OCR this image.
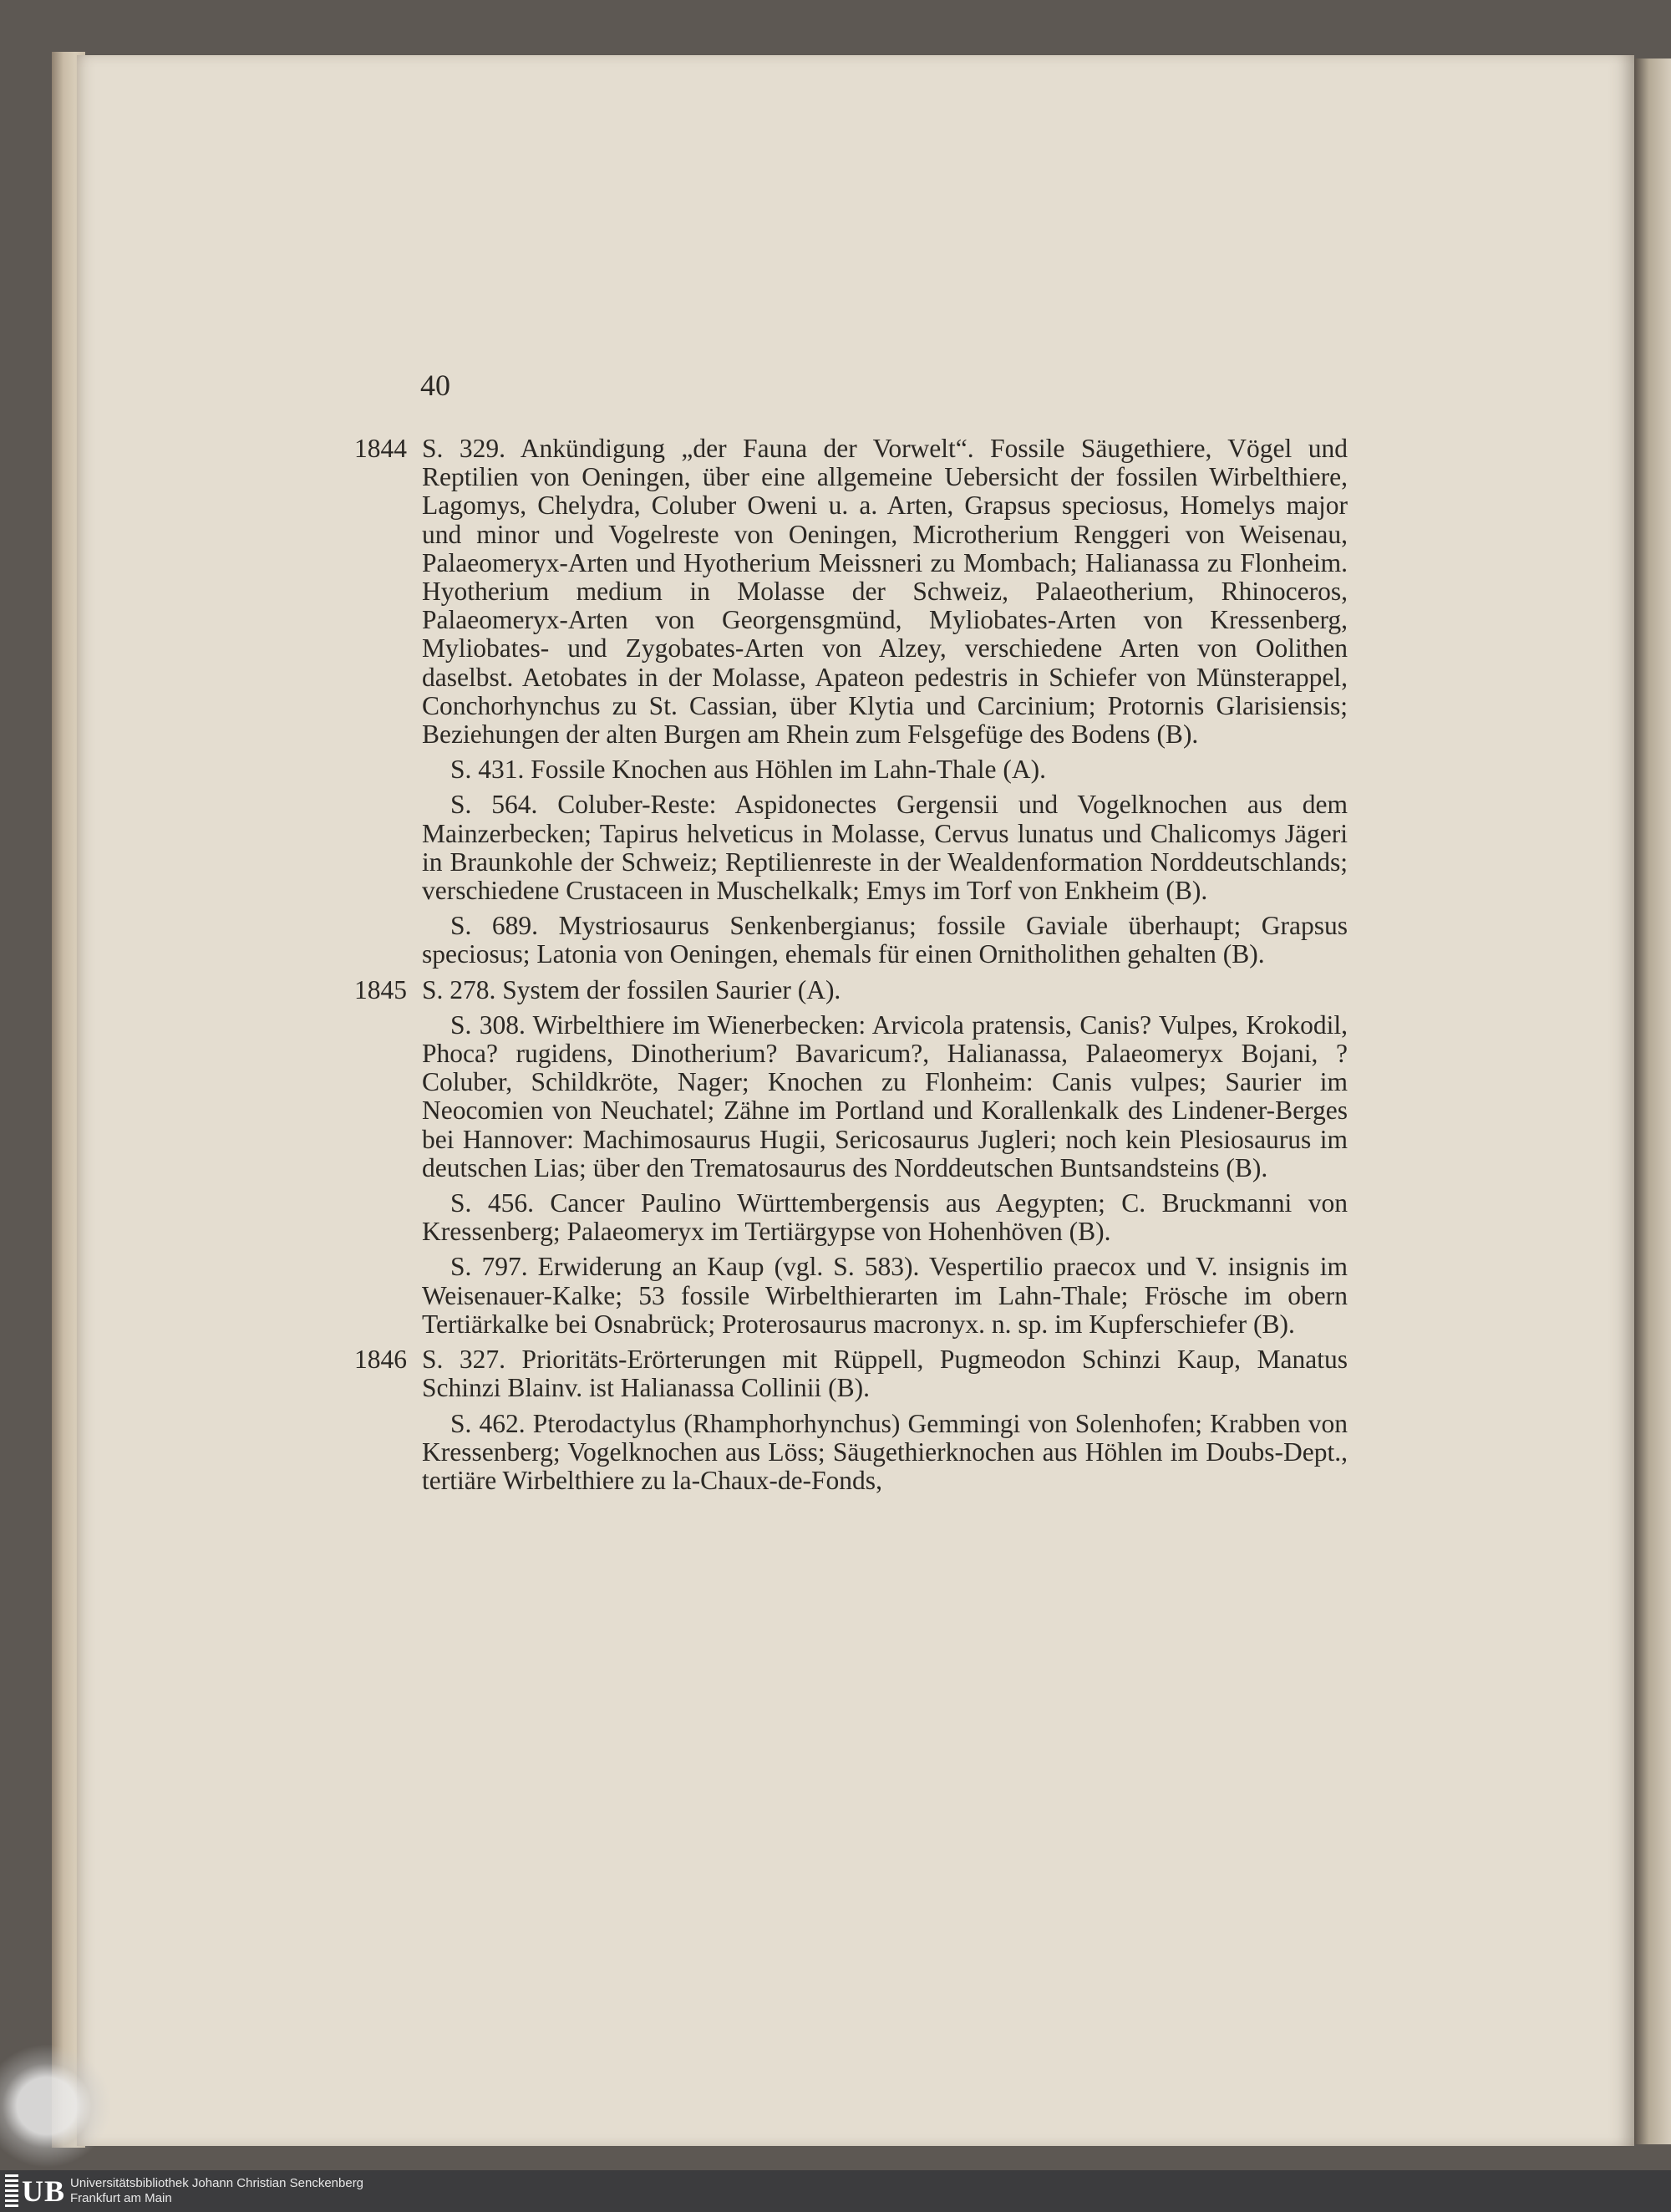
40
1844 S. 329. Ankündigung „der Fauna der Vorwelt“. Fossile Säugethiere, Vögel und Reptilien von Oeningen, über eine allgemeine Uebersicht der fossilen Wirbelthiere, Lagomys, Chelydra, Coluber Oweni u. a. Arten, Grapsus speciosus, Homelys major und minor und Vogelreste von Oeningen, Microtherium Renggeri von Weisenau, Palaeomeryx-Arten und Hyotherium Meissneri zu Mombach; Halianassa zu Flonheim. Hyotherium medium in Molasse der Schweiz, Palaeotherium, Rhinoceros, Palaeomeryx-Arten von Georgensgmünd, Myliobates-Arten von Kressenberg, Myliobates- und Zygobates-Arten von Alzey, verschiedene Arten von Oolithen daselbst. Aetobates in der Molasse, Apateon pedestris in Schiefer von Münsterappel, Conchorhynchus zu St. Cassian, über Klytia und Carcinium; Protornis Glarisiensis; Beziehungen der alten Burgen am Rhein zum Felsgefüge des Bodens (B).
S. 431. Fossile Knochen aus Höhlen im Lahn-Thale (A).
S. 564. Coluber-Reste: Aspidonectes Gergensii und Vogelknochen aus dem Mainzerbecken; Tapirus helveticus in Molasse, Cervus lunatus und Chalicomys Jägeri in Braunkohle der Schweiz; Reptilienreste in der Wealdenformation Norddeutschlands; verschiedene Crustaceen in Muschelkalk; Emys im Torf von Enkheim (B).
S. 689. Mystriosaurus Senkenbergianus; fossile Gaviale überhaupt; Grapsus speciosus; Latonia von Oeningen, ehemals für einen Ornitholithen gehalten (B).
1845 S. 278. System der fossilen Saurier (A).
S. 308. Wirbelthiere im Wienerbecken: Arvicola pratensis, Canis? Vulpes, Krokodil, Phoca? rugidens, Dinotherium? Bavaricum?, Halianassa, Palaeomeryx Bojani, ? Coluber, Schildkröte, Nager; Knochen zu Flonheim: Canis vulpes; Saurier im Neocomien von Neuchatel; Zähne im Portland und Korallenkalk des Lindener-Berges bei Hannover: Machimosaurus Hugii, Sericosaurus Jugleri; noch kein Plesiosaurus im deutschen Lias; über den Trematosaurus des Norddeutschen Buntsandsteins (B).
S. 456. Cancer Paulino Württembergensis aus Aegypten; C. Bruckmanni von Kressenberg; Palaeomeryx im Tertiärgypse von Hohenhöven (B).
S. 797. Erwiderung an Kaup (vgl. S. 583). Vespertilio praecox und V. insignis im Weisenauer-Kalke; 53 fossile Wirbelthierarten im Lahn-Thale; Frösche im obern Tertiärkalke bei Osnabrück; Proterosaurus macronyx. n. sp. im Kupferschiefer (B).
1846 S. 327. Prioritäts-Erörterungen mit Rüppell, Pugmeodon Schinzi Kaup, Manatus Schinzi Blainv. ist Halianassa Collinii (B).
S. 462. Pterodactylus (Rhamphorhynchus) Gemmingi von Solenhofen; Krabben von Kressenberg; Vogelknochen aus Löss; Säugethierknochen aus Höhlen im Doubs-Dept., tertiäre Wirbelthiere zu la-Chaux-de-Fonds,
UB Universitätsbibliothek Johann Christian Senckenberg
Frankfurt am Main
